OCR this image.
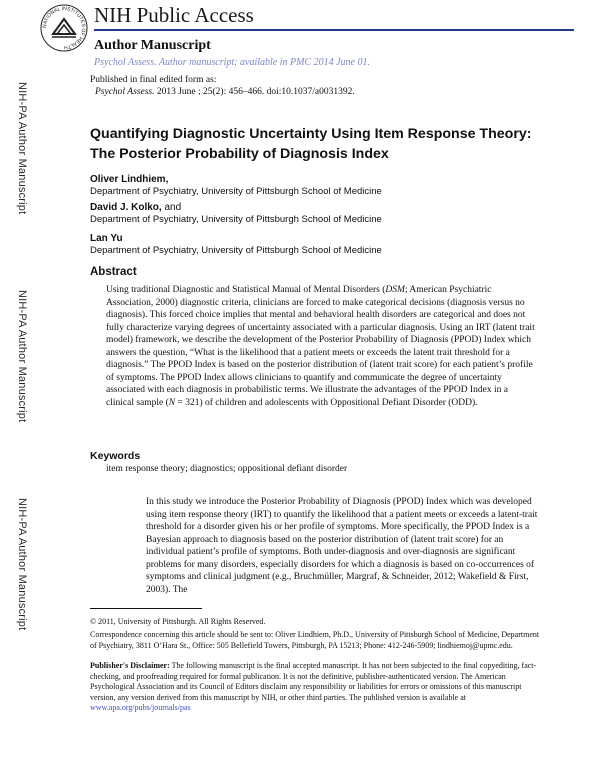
NATIONAL INSTITUTES OF HEALTH
NIH Public Access
Author Manuscript
Psychol Assess. Author manuscript; available in PMC 2014 June 01.
Published in final edited form as:
Psychol Assess. 2013 June ; 25(2): 456–466. doi:10.1037/a0031392.
NIH-PA Author Manuscript
NIH-PA Author Manuscript
NIH-PA Author Manuscript
Quantifying Diagnostic Uncertainty Using Item Response Theory: The Posterior Probability of Diagnosis Index
Oliver Lindhiem,
Department of Psychiatry, University of Pittsburgh School of Medicine
David J. Kolko, and
Department of Psychiatry, University of Pittsburgh School of Medicine
Lan Yu
Department of Psychiatry, University of Pittsburgh School of Medicine
Abstract
Using traditional Diagnostic and Statistical Manual of Mental Disorders (DSM; American Psychiatric Association, 2000) diagnostic criteria, clinicians are forced to make categorical decisions (diagnosis versus no diagnosis). This forced choice implies that mental and behavioral health disorders are categorical and does not fully characterize varying degrees of uncertainty associated with a particular diagnosis. Using an IRT (latent trait model) framework, we describe the development of the Posterior Probability of Diagnosis (PPOD) Index which answers the question, “What is the likelihood that a patient meets or exceeds the latent trait threshold for a diagnosis.” The PPOD Index is based on the posterior distribution of (latent trait score) for each patient’s profile of symptoms. The PPOD Index allows clinicians to quantify and communicate the degree of uncertainty associated with each diagnosis in probabilistic terms. We illustrate the advantages of the PPOD Index in a clinical sample (N = 321) of children and adolescents with Oppositional Defiant Disorder (ODD).
Keywords
item response theory; diagnostics; oppositional defiant disorder
In this study we introduce the Posterior Probability of Diagnosis (PPOD) Index which was developed using item response theory (IRT) to quantify the likelihood that a patient meets or exceeds a latent-trait threshold for a disorder given his or her profile of symptoms. More specifically, the PPOD Index is a Bayesian approach to diagnosis based on the posterior distribution of (latent trait score) for an individual patient’s profile of symptoms. Both under-diagnosis and over-diagnosis are significant problems for many disorders, especially disorders for which a diagnosis is based on co-occurrences of symptoms and clinical judgment (e.g., Bruchmüller, Margraf, & Schneider, 2012; Wakefield & First, 2003). The
© 2011, University of Pittsburgh. All Rights Reserved.
Correspondence concerning this article should be sent to: Oliver Lindhiem, Ph.D., University of Pittsburgh School of Medicine, Department of Psychiatry, 3811 O’Hara St., Office: 505 Bellefield Towers, Pittsburgh, PA 15213; Phone: 412-246-5909; lindhiemoj@upmc.edu.
Publisher's Disclaimer: The following manuscript is the final accepted manuscript. It has not been subjected to the final copyediting, fact-checking, and proofreading required for formal publication. It is not the definitive, publisher-authenticated version. The American Psychological Association and its Council of Editors disclaim any responsibility or liabilities for errors or omissions of this manuscript version, any version derived from this manuscript by NIH, or other third parties. The published version is available at www.apa.org/pubs/journals/pas
